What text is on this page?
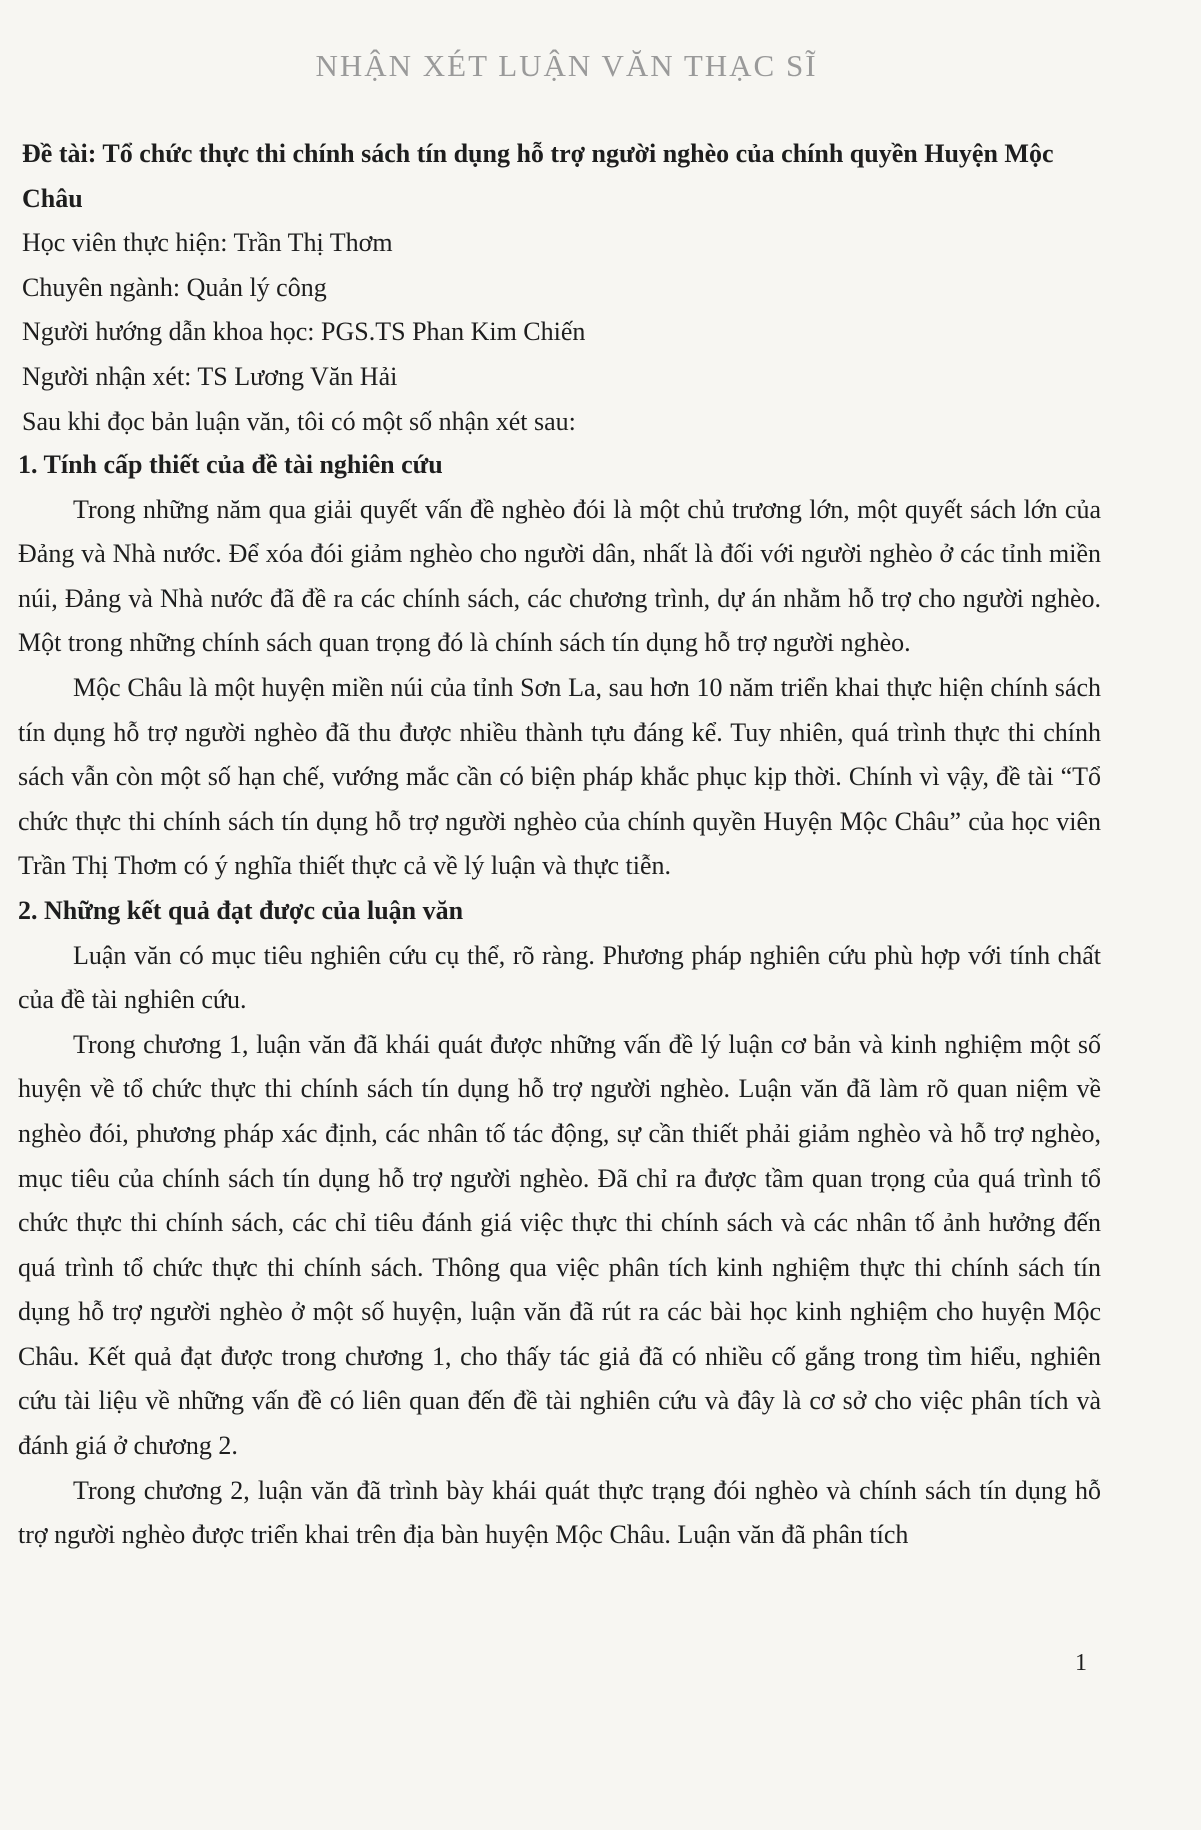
NHẬN XÉT LUẬN VĂN THẠC SĨ

Đề tài: Tổ chức thực thi chính sách tín dụng hỗ trợ người nghèo của chính quyền Huyện Mộc Châu

Học viên thực hiện: Trần Thị Thơm

Chuyên ngành: Quản lý công

Người hướng dẫn khoa học: PGS.TS Phan Kim Chiến

Người nhận xét: TS Lương Văn Hải

Sau khi đọc bản luận văn, tôi có một số nhận xét sau:

1. Tính cấp thiết của đề tài nghiên cứu

Trong những năm qua giải quyết vấn đề nghèo đói là một chủ trương lớn, một quyết sách lớn của Đảng và Nhà nước. Để xóa đói giảm nghèo cho người dân, nhất là đối với người nghèo ở các tỉnh miền núi, Đảng và Nhà nước đã đề ra các chính sách, các chương trình, dự án nhằm hỗ trợ cho người nghèo. Một trong những chính sách quan trọng đó là chính sách tín dụng hỗ trợ người nghèo.

Mộc Châu là một huyện miền núi của tỉnh Sơn La, sau hơn 10 năm triển khai thực hiện chính sách tín dụng hỗ trợ người nghèo đã thu được nhiều thành tựu đáng kể. Tuy nhiên, quá trình thực thi chính sách vẫn còn một số hạn chế, vướng mắc cần có biện pháp khắc phục kịp thời. Chính vì vậy, đề tài “Tổ chức thực thi chính sách tín dụng hỗ trợ người nghèo của chính quyền Huyện Mộc Châu” của học viên Trần Thị Thơm có ý nghĩa thiết thực cả về lý luận và thực tiễn.

2. Những kết quả đạt được của luận văn

Luận văn có mục tiêu nghiên cứu cụ thể, rõ ràng. Phương pháp nghiên cứu phù hợp với tính chất của đề tài nghiên cứu.

Trong chương 1, luận văn đã khái quát được những vấn đề lý luận cơ bản và kinh nghiệm một số huyện về tổ chức thực thi chính sách tín dụng hỗ trợ người nghèo. Luận văn đã làm rõ quan niệm về nghèo đói, phương pháp xác định, các nhân tố tác động, sự cần thiết phải giảm nghèo và hỗ trợ nghèo, mục tiêu của chính sách tín dụng hỗ trợ người nghèo. Đã chỉ ra được tầm quan trọng của quá trình tổ chức thực thi chính sách, các chỉ tiêu đánh giá việc thực thi chính sách và các nhân tố ảnh hưởng đến quá trình tổ chức thực thi chính sách. Thông qua việc phân tích kinh nghiệm thực thi chính sách tín dụng hỗ trợ người nghèo ở một số huyện, luận văn đã rút ra các bài học kinh nghiệm cho huyện Mộc Châu. Kết quả đạt được trong chương 1, cho thấy tác giả đã có nhiều cố gắng trong tìm hiểu, nghiên cứu tài liệu về những vấn đề có liên quan đến đề tài nghiên cứu và đây là cơ sở cho việc phân tích và đánh giá ở chương 2.

Trong chương 2, luận văn đã trình bày khái quát thực trạng đói nghèo và chính sách tín dụng hỗ trợ người nghèo được triển khai trên địa bàn huyện Mộc Châu. Luận văn đã phân tích

1
